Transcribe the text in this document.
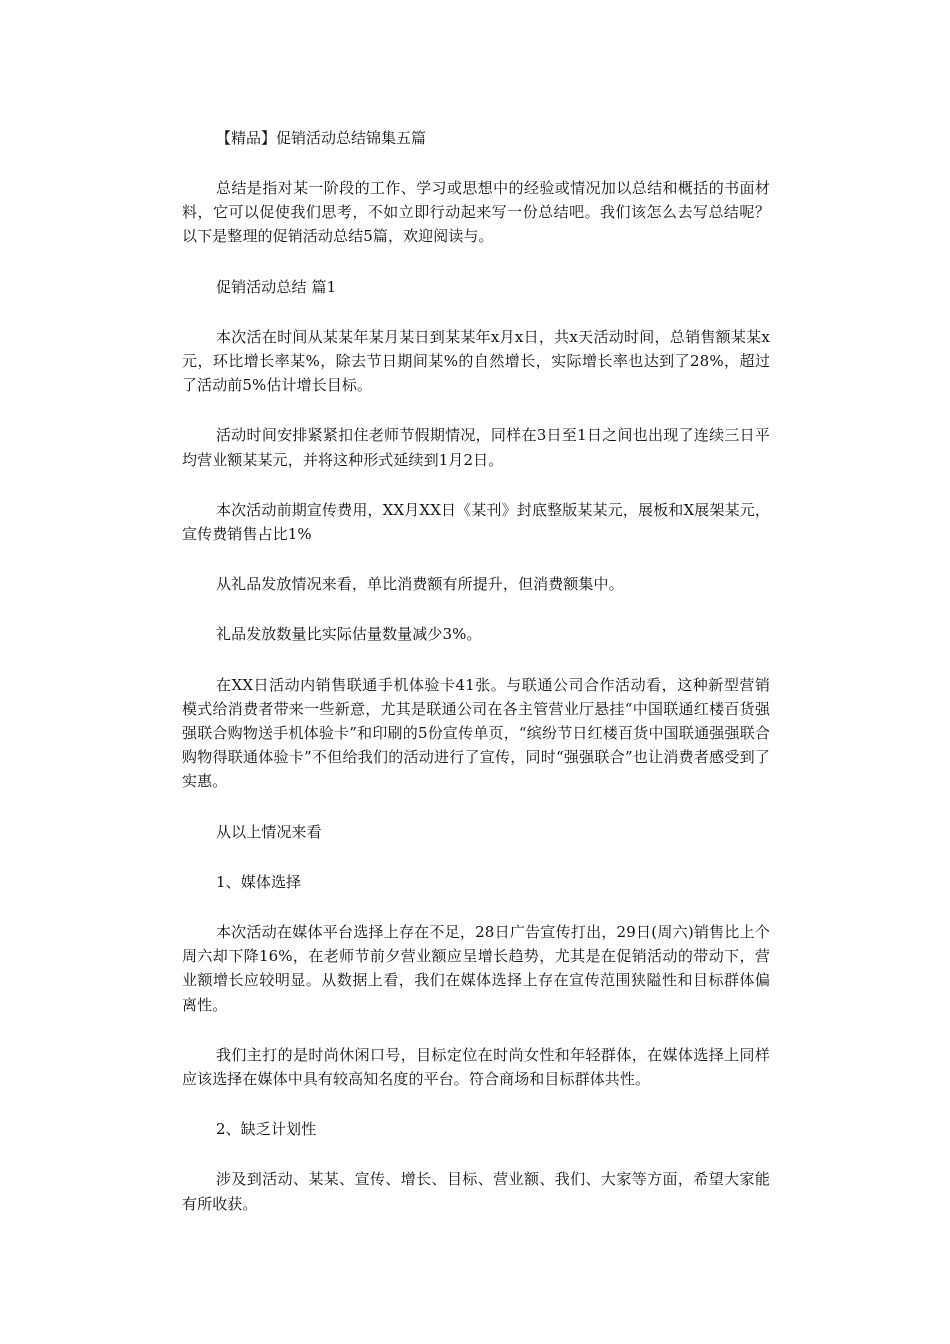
【精品】促销活动总结锦集五篇

总结是指对某一阶段的工作、学习或思想中的经验或情况加以总结和概括的书面材料，它可以促使我们思考，不如立即行动起来写一份总结吧。我们该怎么去写总结呢？以下是整理的促销活动总结5篇，欢迎阅读与。

促销活动总结 篇1

本次活在时间从某某年某月某日到某某年x月x日，共x天活动时间，总销售额某某x元，环比增长率某%，除去节日期间某%的自然增长，实际增长率也达到了28%，超过了活动前5%估计增长目标。

活动时间安排紧紧扣住老师节假期情况，同样在3日至1日之间也出现了连续三日平均营业额某某元，并将这种形式延续到1月2日。

本次活动前期宣传费用，XX月XX日《某刊》封底整版某某元，展板和X展架某元，宣传费销售占比1%

从礼品发放情况来看，单比消费额有所提升，但消费额集中。

礼品发放数量比实际估量数量减少3%。

在XX日活动内销售联通手机体验卡41张。与联通公司合作活动看，这种新型营销模式给消费者带来一些新意，尤其是联通公司在各主管营业厅悬挂“中国联通红楼百货强强联合购物送手机体验卡”和印刷的5份宣传单页，“缤纷节日红楼百货中国联通强强联合购物得联通体验卡”不但给我们的活动进行了宣传，同时“强强联合”也让消费者感受到了实惠。

从以上情况来看

1、媒体选择

本次活动在媒体平台选择上存在不足，28日广告宣传打出，29日(周六)销售比上个周六却下降16%，在老师节前夕营业额应呈增长趋势，尤其是在促销活动的带动下，营业额增长应较明显。从数据上看，我们在媒体选择上存在宣传范围狭隘性和目标群体偏离性。

我们主打的是时尚休闲口号，目标定位在时尚女性和年轻群体，在媒体选择上同样应该选择在媒体中具有较高知名度的平台。符合商场和目标群体共性。

2、缺乏计划性

涉及到活动、某某、宣传、增长、目标、营业额、我们、大家等方面，希望大家能有所收获。
